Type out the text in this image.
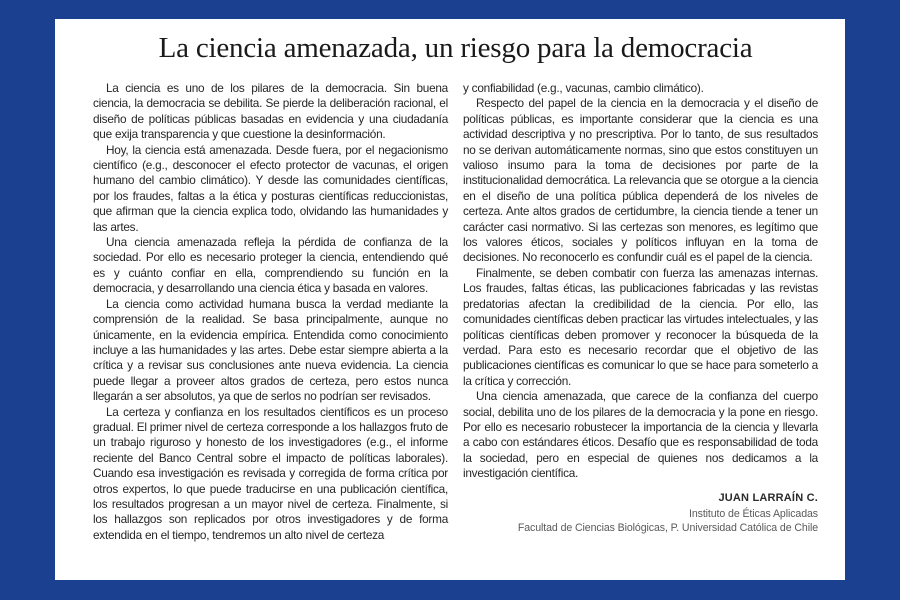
La ciencia amenazada, un riesgo para la democracia

La ciencia es uno de los pilares de la democracia. Sin buena ciencia, la democracia se debilita. Se pierde la deliberación racional, el diseño de políticas públicas basadas en evidencia y una ciudadanía que exija transparencia y que cuestione la desinformación.

Hoy, la ciencia está amenazada. Desde fuera, por el negacionismo científico (e.g., desconocer el efecto protector de vacunas, el origen humano del cambio climático). Y desde las comunidades científicas, por los fraudes, faltas a la ética y posturas científicas reduccionistas, que afirman que la ciencia explica todo, olvidando las humanidades y las artes.

Una ciencia amenazada refleja la pérdida de confianza de la sociedad. Por ello es necesario proteger la ciencia, entendiendo qué es y cuánto confiar en ella, comprendiendo su función en la democracia, y desarrollando una ciencia ética y basada en valores.

La ciencia como actividad humana busca la verdad mediante la comprensión de la realidad. Se basa principalmente, aunque no únicamente, en la evidencia empírica. Entendida como conocimiento incluye a las humanidades y las artes. Debe estar siempre abierta a la crítica y a revisar sus conclusiones ante nueva evidencia. La ciencia puede llegar a proveer altos grados de certeza, pero estos nunca llegarán a ser absolutos, ya que de serlos no podrían ser revisados.

La certeza y confianza en los resultados científicos es un proceso gradual. El primer nivel de certeza corresponde a los hallazgos fruto de un trabajo riguroso y honesto de los investigadores (e.g., el informe reciente del Banco Central sobre el impacto de políticas laborales). Cuando esa investigación es revisada y corregida de forma crítica por otros expertos, lo que puede traducirse en una publicación científica, los resultados progresan a un mayor nivel de certeza. Finalmente, si los hallazgos son replicados por otros investigadores y de forma extendida en el tiempo, tendremos un alto nivel de certeza

y confiabilidad (e.g., vacunas, cambio climático).

Respecto del papel de la ciencia en la democracia y el diseño de políticas públicas, es importante considerar que la ciencia es una actividad descriptiva y no prescriptiva. Por lo tanto, de sus resultados no se derivan automáticamente normas, sino que estos constituyen un valioso insumo para la toma de decisiones por parte de la institucionalidad democrática. La relevancia que se otorgue a la ciencia en el diseño de una política pública dependerá de los niveles de certeza. Ante altos grados de certidumbre, la ciencia tiende a tener un carácter casi normativo. Si las certezas son menores, es legítimo que los valores éticos, sociales y políticos influyan en la toma de decisiones. No reconocerlo es confundir cuál es el papel de la ciencia.

Finalmente, se deben combatir con fuerza las amenazas internas. Los fraudes, faltas éticas, las publicaciones fabricadas y las revistas predatorias afectan la credibilidad de la ciencia. Por ello, las comunidades científicas deben practicar las virtudes intelectuales, y las políticas científicas deben promover y reconocer la búsqueda de la verdad. Para esto es necesario recordar que el objetivo de las publicaciones científicas es comunicar lo que se hace para someterlo a la crítica y corrección.

Una ciencia amenazada, que carece de la confianza del cuerpo social, debilita uno de los pilares de la democracia y la pone en riesgo. Por ello es necesario robustecer la importancia de la ciencia y llevarla a cabo con estándares éticos. Desafío que es responsabilidad de toda la sociedad, pero en especial de quienes nos dedicamos a la investigación científica.

JUAN LARRAÍN C.
Instituto de Éticas Aplicadas
Facultad de Ciencias Biológicas, P. Universidad Católica de Chile
